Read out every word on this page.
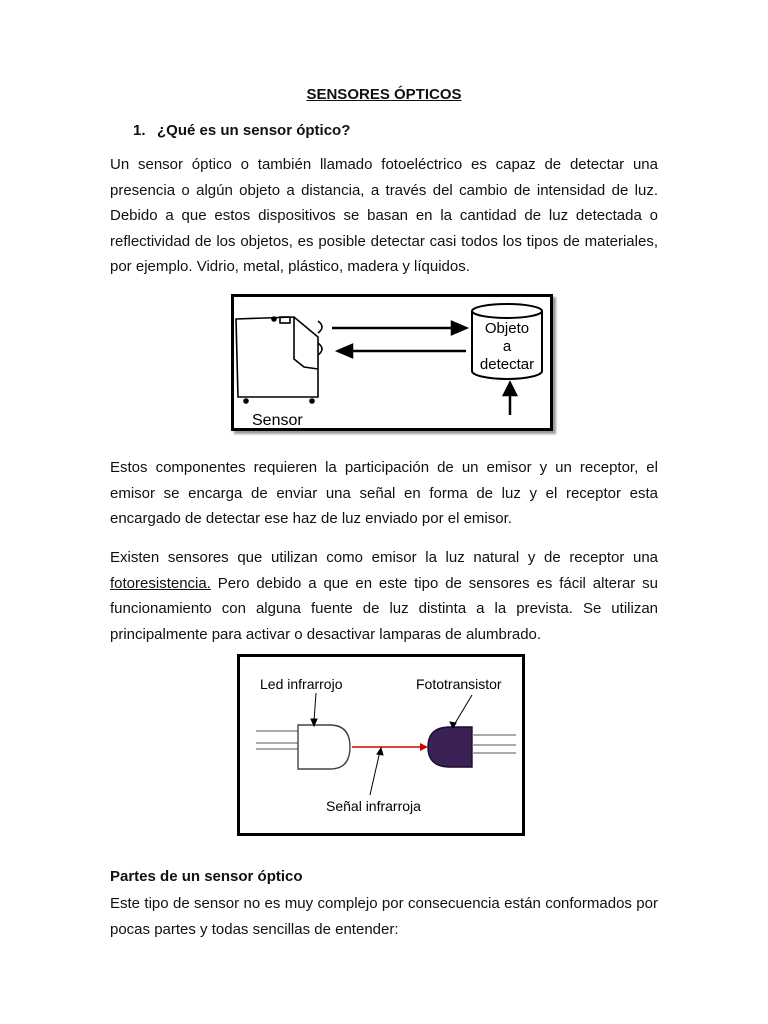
SENSORES ÓPTICOS
1. ¿Qué es un sensor óptico?

Un sensor óptico o también llamado fotoeléctrico es capaz de detectar una presencia o algún objeto a distancia, a través del cambio de intensidad de luz. Debido a que estos dispositivos se basan en la cantidad de luz detectada o reflectividad de los objetos, es posible detectar casi todos los tipos de materiales, por ejemplo. Vidrio, metal, plástico, madera y líquidos.

Sensor
Objeto
a
detectar

Estos componentes requieren la participación de un emisor y un receptor, el emisor se encarga de enviar una señal en forma de luz y el receptor esta encargado de detectar ese haz de luz enviado por el emisor.

Existen sensores que utilizan como emisor la luz natural y de receptor una fotoresistencia. Pero debido a que en este tipo de sensores es fácil alterar su funcionamiento con alguna fuente de luz distinta a la prevista. Se utilizan principalmente para activar o desactivar lamparas de alumbrado.

Led infrarrojo	Fototransistor
Señal infrarroja
Partes de un sensor óptico

Este tipo de sensor no es muy complejo por consecuencia están conformados por pocas partes y todas sencillas de entender:
